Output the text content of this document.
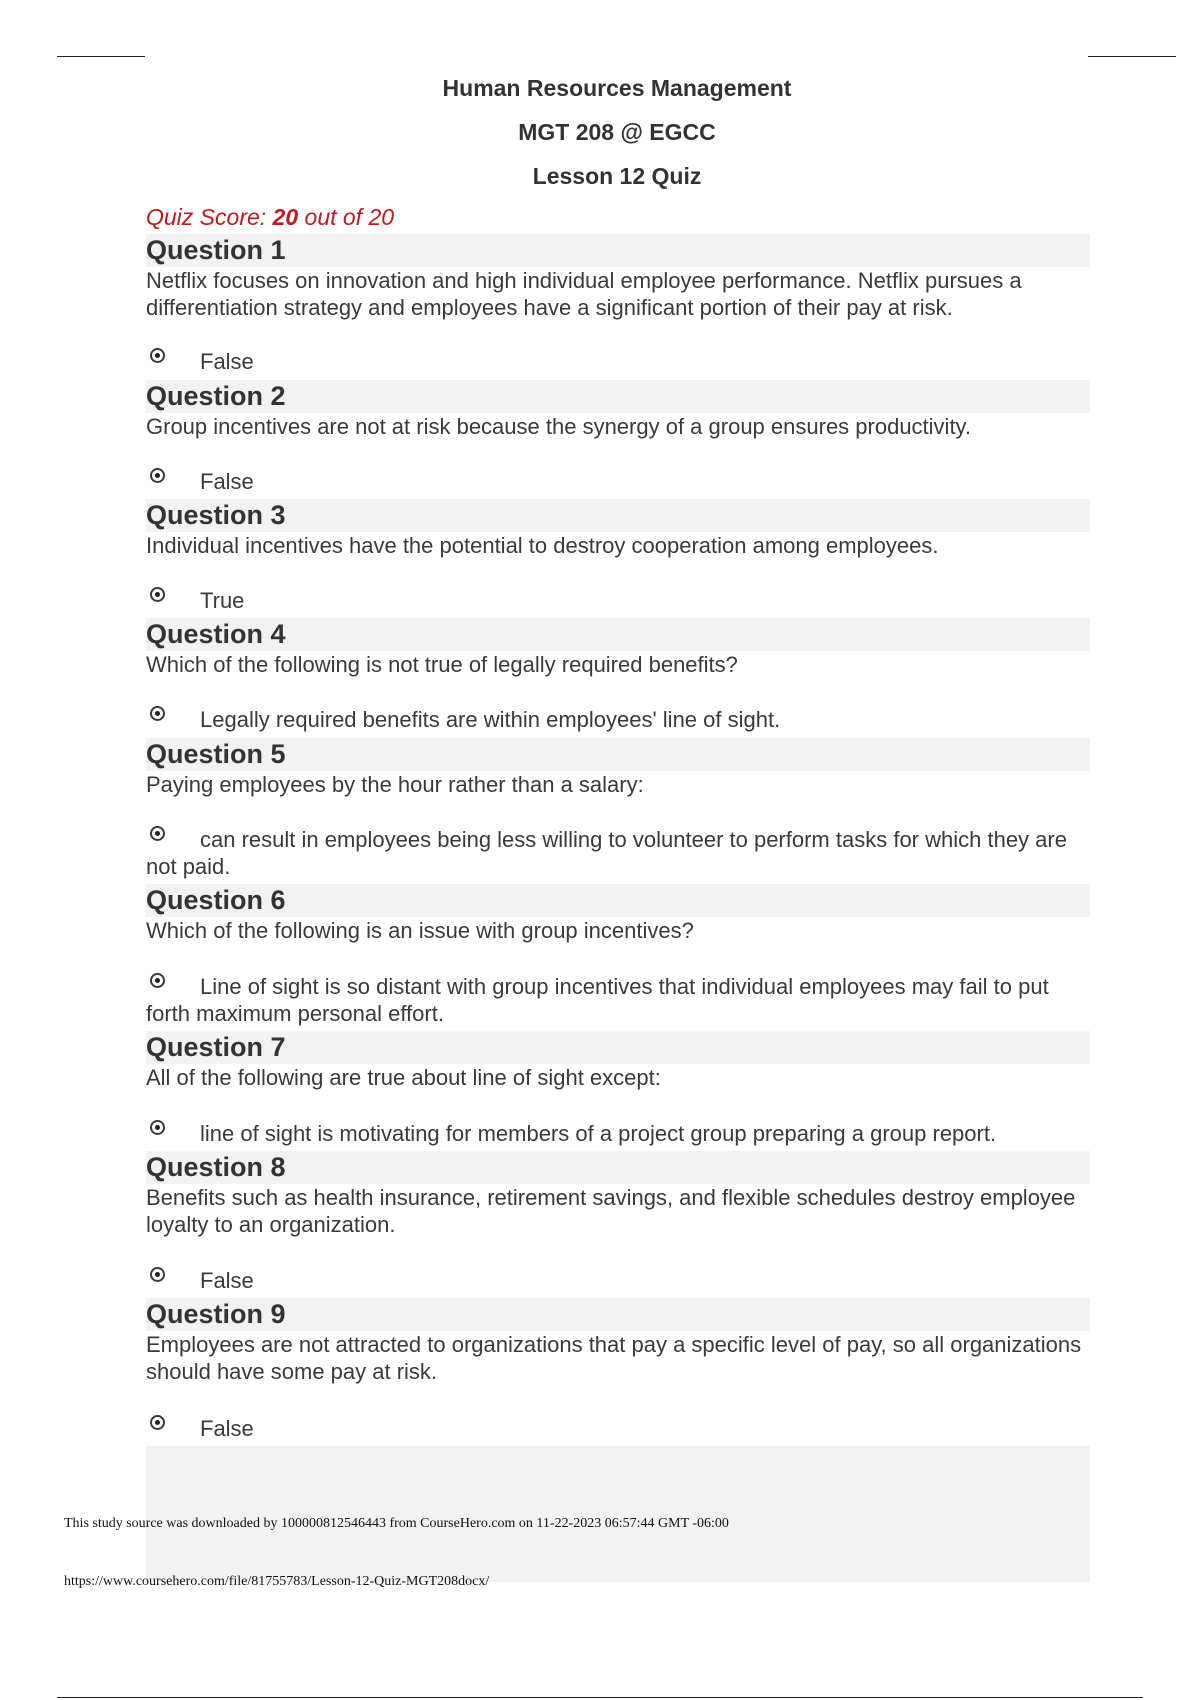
Human Resources Management
MGT 208 @ EGCC
Lesson 12 Quiz
Quiz Score: 20 out of 20
Question 1
Netflix focuses on innovation and high individual employee performance. Netflix pursues a differentiation strategy and employees have a significant portion of their pay at risk.
False
Question 2
Group incentives are not at risk because the synergy of a group ensures productivity.
False
Question 3
Individual incentives have the potential to destroy cooperation among employees.
True
Question 4
Which of the following is not true of legally required benefits?
Legally required benefits are within employees' line of sight.
Question 5
Paying employees by the hour rather than a salary:
can result in employees being less willing to volunteer to perform tasks for which they are not paid.
Question 6
Which of the following is an issue with group incentives?
Line of sight is so distant with group incentives that individual employees may fail to put forth maximum personal effort.
Question 7
All of the following are true about line of sight except:
line of sight is motivating for members of a project group preparing a group report.
Question 8
Benefits such as health insurance, retirement savings, and flexible schedules destroy employee loyalty to an organization.
False
Question 9
Employees are not attracted to organizations that pay a specific level of pay, so all organizations should have some pay at risk.
False
This study source was downloaded by 100000812546443 from CourseHero.com on 11-22-2023 06:57:44 GMT -06:00
https://www.coursehero.com/file/81755783/Lesson-12-Quiz-MGT208docx/
